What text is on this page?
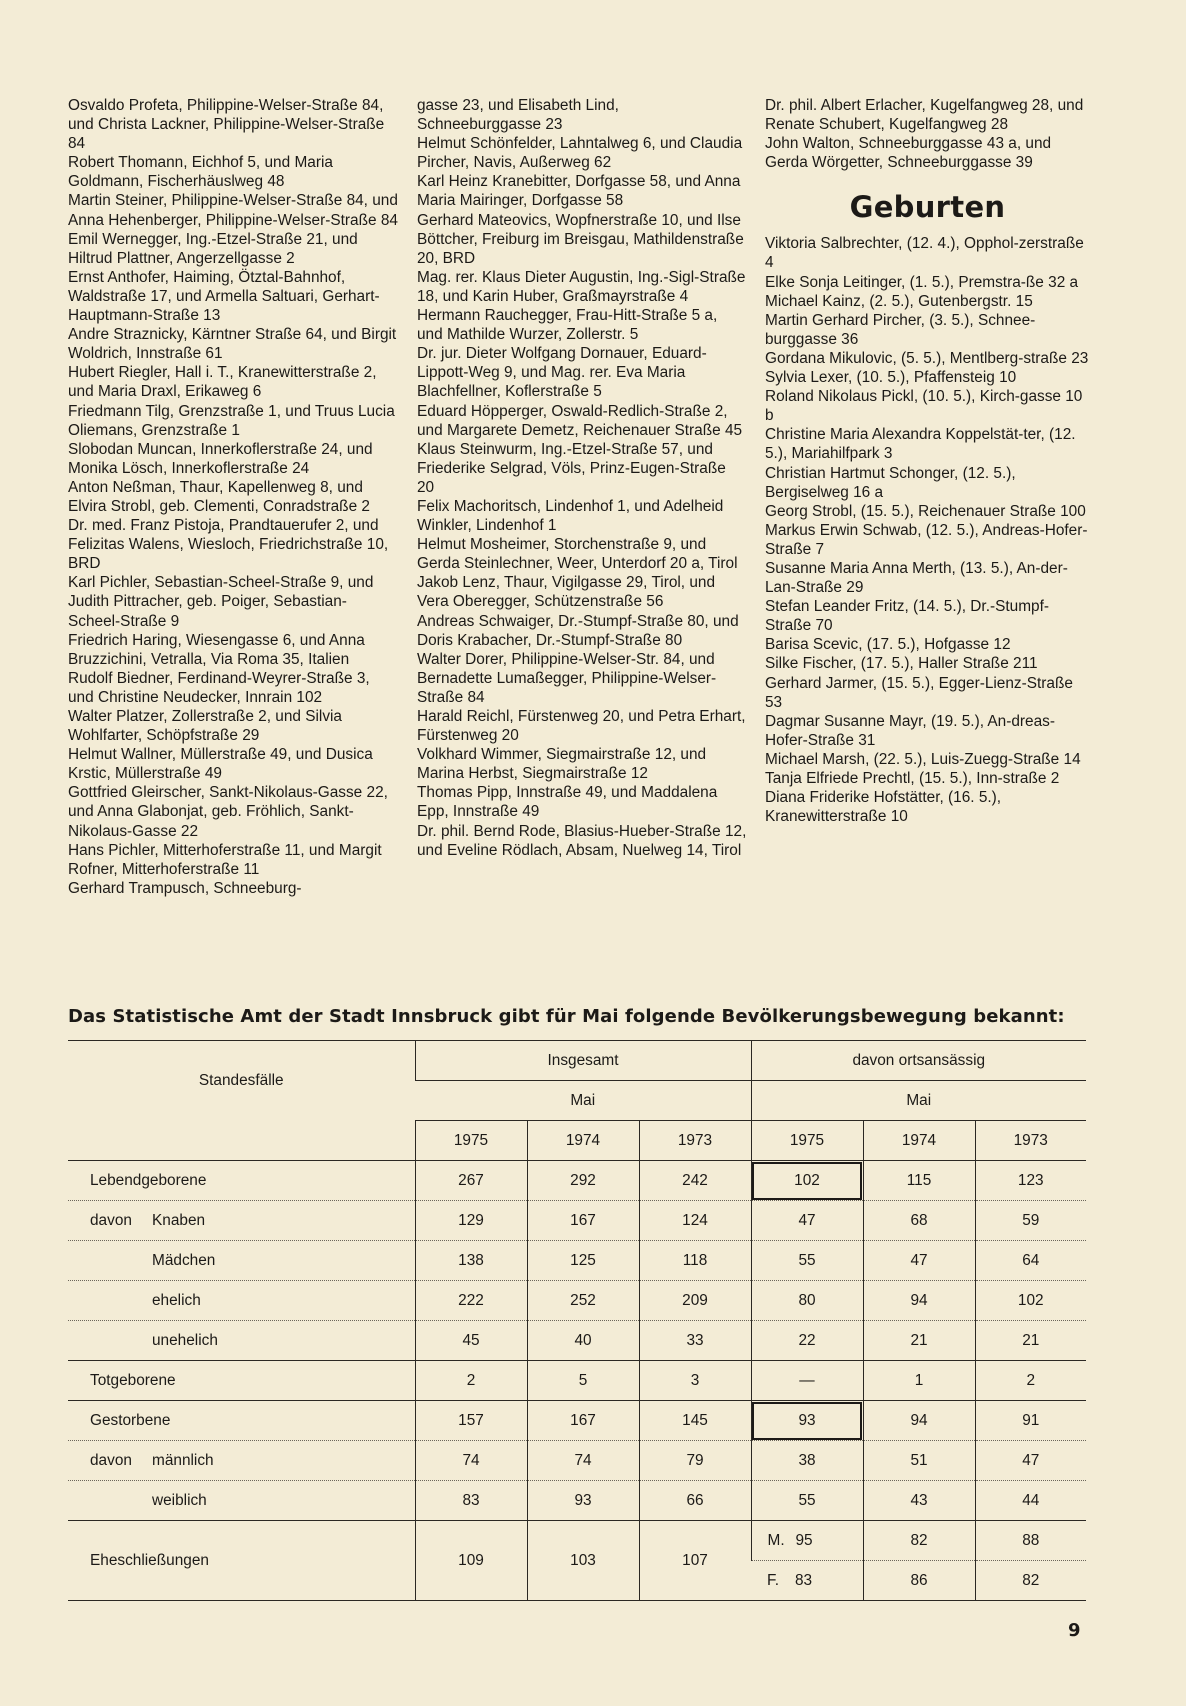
Osvaldo Profeta, Philippine-Welser-Straße 84, und Christa Lackner, Philippine-Welser-Straße 84

Robert Thomann, Eichhof 5, und Maria Goldmann, Fischerhäuslweg 48

Martin Steiner, Philippine-Welser-Straße 84, und Anna Hehenberger, Philippine-Welser-Straße 84

Emil Wernegger, Ing.-Etzel-Straße 21, und Hiltrud Plattner, Angerzellgasse 2

Ernst Anthofer, Haiming, Ötztal-Bahnhof, Waldstraße 17, und Armella Saltuari, Gerhart-Hauptmann-Straße 13

Andre Straznicky, Kärntner Straße 64, und Birgit Woldrich, Innstraße 61

Hubert Riegler, Hall i. T., Kranewitterstraße 2, und Maria Draxl, Erikaweg 6

Friedmann Tilg, Grenzstraße 1, und Truus Lucia Oliemans, Grenzstraße 1

Slobodan Muncan, Innerkoflerstraße 24, und Monika Lösch, Innerkoflerstraße 24

Anton Neßman, Thaur, Kapellenweg 8, und Elvira Strobl, geb. Clementi, Conradstraße 2

Dr. med. Franz Pistoja, Prandtauerufer 2, und Felizitas Walens, Wiesloch, Friedrichstraße 10, BRD

Karl Pichler, Sebastian-Scheel-Straße 9, und Judith Pittracher, geb. Poiger, Sebastian-Scheel-Straße 9

Friedrich Haring, Wiesengasse 6, und Anna Bruzzichini, Vetralla, Via Roma 35, Italien

Rudolf Biedner, Ferdinand-Weyrer-Straße 3, und Christine Neudecker, Innrain 102

Walter Platzer, Zollerstraße 2, und Silvia Wohlfarter, Schöpfstraße 29

Helmut Wallner, Müllerstraße 49, und Dusica Krstic, Müllerstraße 49

Gottfried Gleirscher, Sankt-Nikolaus-Gasse 22, und Anna Glabonjat, geb. Fröhlich, Sankt-Nikolaus-Gasse 22

Hans Pichler, Mitterhoferstraße 11, und Margit Rofner, Mitterhoferstraße 11

Gerhard Trampusch, Schneeburg-

gasse 23, und Elisabeth Lind, Schneeburggasse 23

Helmut Schönfelder, Lahntalweg 6, und Claudia Pircher, Navis, Außerweg 62

Karl Heinz Kranebitter, Dorfgasse 58, und Anna Maria Mairinger, Dorfgasse 58

Gerhard Mateovics, Wopfnerstraße 10, und Ilse Böttcher, Freiburg im Breisgau, Mathildenstraße 20, BRD

Mag. rer. Klaus Dieter Augustin, Ing.-Sigl-Straße 18, und Karin Huber, Graßmayrstraße 4

Hermann Rauchegger, Frau-Hitt-Straße 5 a, und Mathilde Wurzer, Zollerstr. 5

Dr. jur. Dieter Wolfgang Dornauer, Eduard-Lippott-Weg 9, und Mag. rer. Eva Maria Blachfellner, Koflerstraße 5

Eduard Höpperger, Oswald-Redlich-Straße 2, und Margarete Demetz, Reichenauer Straße 45

Klaus Steinwurm, Ing.-Etzel-Straße 57, und Friederike Selgrad, Völs, Prinz-Eugen-Straße 20

Felix Machoritsch, Lindenhof 1, und Adelheid Winkler, Lindenhof 1

Helmut Mosheimer, Storchenstraße 9, und Gerda Steinlechner, Weer, Unterdorf 20 a, Tirol

Jakob Lenz, Thaur, Vigilgasse 29, Tirol, und Vera Oberegger, Schützenstraße 56

Andreas Schwaiger, Dr.-Stumpf-Straße 80, und Doris Krabacher, Dr.-Stumpf-Straße 80

Walter Dorer, Philippine-Welser-Str. 84, und Bernadette Lumaßegger, Philippine-Welser-Straße 84

Harald Reichl, Fürstenweg 20, und Petra Erhart, Fürstenweg 20

Volkhard Wimmer, Siegmairstraße 12, und Marina Herbst, Siegmairstraße 12

Thomas Pipp, Innstraße 49, und Maddalena Epp, Innstraße 49

Dr. phil. Bernd Rode, Blasius-Hueber-Straße 12, und Eveline Rödlach, Absam, Nuelweg 14, Tirol

Dr. phil. Albert Erlacher, Kugelfangweg 28, und Renate Schubert, Kugelfangweg 28

John Walton, Schneeburggasse 43 a, und Gerda Wörgetter, Schneeburggasse 39

Geburten

Viktoria Salbrechter, (12. 4.), Opphol-zerstraße 4

Elke Sonja Leitinger, (1. 5.), Premstra-ße 32 a

Michael Kainz, (2. 5.), Gutenbergstr. 15

Martin Gerhard Pircher, (3. 5.), Schnee-burggasse 36

Gordana Mikulovic, (5. 5.), Mentlberg-straße 23

Sylvia Lexer, (10. 5.), Pfaffensteig 10

Roland Nikolaus Pickl, (10. 5.), Kirch-gasse 10 b

Christine Maria Alexandra Koppelstät-ter, (12. 5.), Mariahilfpark 3

Christian Hartmut Schonger, (12. 5.), Bergiselweg 16 a

Georg Strobl, (15. 5.), Reichenauer Straße 100

Markus Erwin Schwab, (12. 5.), Andreas-Hofer-Straße 7

Susanne Maria Anna Merth, (13. 5.), An-der-Lan-Straße 29

Stefan Leander Fritz, (14. 5.), Dr.-Stumpf-Straße 70

Barisa Scevic, (17. 5.), Hofgasse 12

Silke Fischer, (17. 5.), Haller Straße 211

Gerhard Jarmer, (15. 5.), Egger-Lienz-Straße 53

Dagmar Susanne Mayr, (19. 5.), An-dreas-Hofer-Straße 31

Michael Marsh, (22. 5.), Luis-Zuegg-Straße 14

Tanja Elfriede Prechtl, (15. 5.), Inn-straße 2

Diana Friderike Hofstätter, (16. 5.), Kranewitterstraße 10

Das Statistische Amt der Stadt Innsbruck gibt für Mai folgende Bevölkerungsbewegung bekannt:
Standesfälle	Insgesamt			davon ortsansässig		
	Mai			Mai		
	1975	1974	1973	1975	1974	1973
Lebendgeborene	267	292	242	102	115	123
davon Knaben	129	167	124	47	68	59
Mädchen	138	125	118	55	47	64
ehelich	222	252	209	80	94	102
unehelich	45	40	33	22	21	21
Totgeborene	2	5	3	—	1	2
Gestorbene	157	167	145	93	94	91
davon männlich	74	74	79	38	51	47
weiblich	83	93	66	55	43	44
Eheschließungen	109	103	107	M. 95	82	88
				F. 83	86	82
9
